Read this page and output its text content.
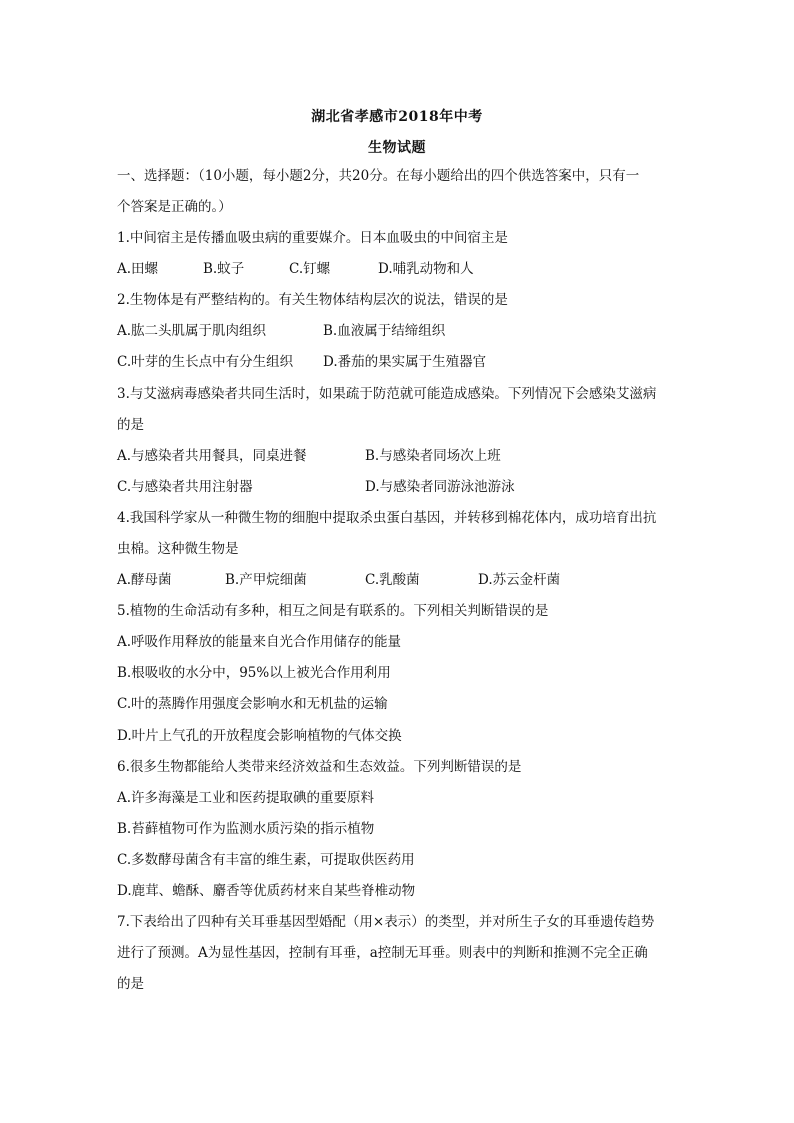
湖北省孝感市2018年中考
生物试题
一、选择题：（10小题，每小题2分，共20分。在每小题给出的四个供选答案中，只有一
个答案是正确的。）
1.中间宿主是传播血吸虫病的重要媒介。日本血吸虫的中间宿主是
A.田螺	B.蚊子	C.钉螺	D.哺乳动物和人
2.生物体是有严整结构的。有关生物体结构层次的说法，错误的是
A.肱二头肌属于肌肉组织	B.血液属于结缔组织
C.叶芽的生长点中有分生组织 D.番茄的果实属于生殖器官
3.与艾滋病毒感染者共同生活时，如果疏于防范就可能造成感染。下列情况下会感染艾滋病
的是
A.与感染者共用餐具，同桌进餐	B.与感染者同场次上班
C.与感染者共用注射器	D.与感染者同游泳池游泳
4.我国科学家从一种微生物的细胞中提取杀虫蛋白基因，并转移到棉花体内，成功培育出抗
虫棉。这种微生物是
A.酵母菌	B.产甲烷细菌	C.乳酸菌	D.苏云金杆菌
5.植物的生命活动有多种，相互之间是有联系的。下列相关判断错误的是
A.呼吸作用释放的能量来自光合作用储存的能量
B.根吸收的水分中，95%以上被光合作用利用
C.叶的蒸腾作用强度会影响水和无机盐的运输
D.叶片上气孔的开放程度会影响植物的气体交换
6.很多生物都能给人类带来经济效益和生态效益。下列判断错误的是
A.许多海藻是工业和医药提取碘的重要原料
B.苔藓植物可作为监测水质污染的指示植物
C.多数酵母菌含有丰富的维生素，可提取供医药用
D.鹿茸、蟾酥、麝香等优质药材来自某些脊椎动物
7.下表给出了四种有关耳垂基因型婚配（用×表示）的类型，并对所生子女的耳垂遗传趋势
进行了预测。A为显性基因，控制有耳垂，a控制无耳垂。则表中的判断和推测不完全正确
的是
